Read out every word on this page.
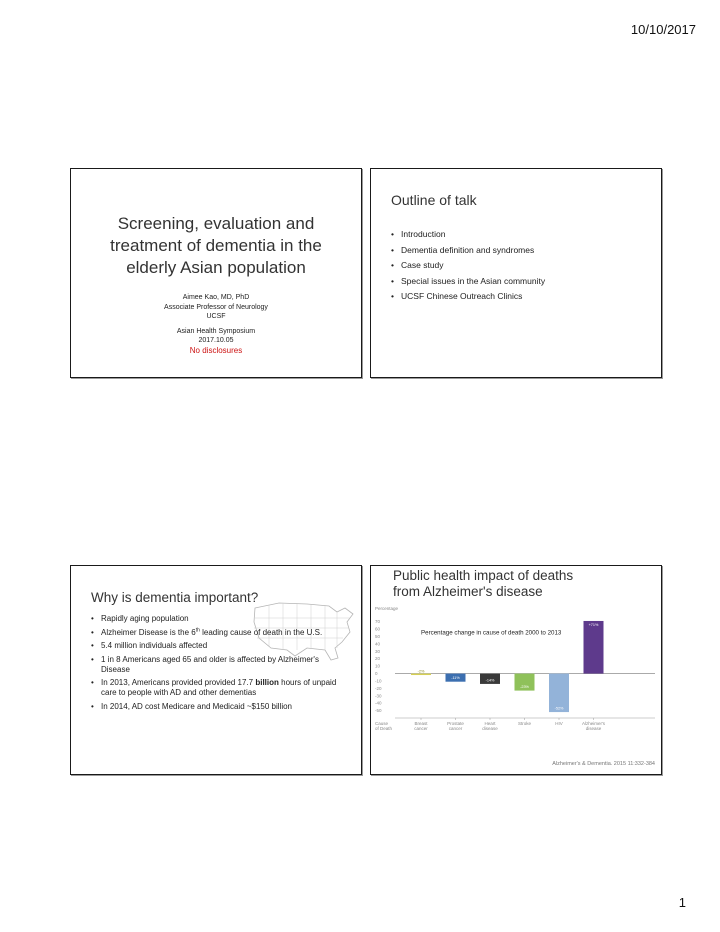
10/10/2017
Screening, evaluation and
treatment of dementia in the
elderly Asian population
Aimee Kao, MD, PhD
Associate Professor of Neurology
UCSF
Asian Health Symposium
2017.10.05
No disclosures
Outline of talk
• Introduction
• Dementia definition and syndromes
• Case study
• Special issues in the Asian community
• UCSF Chinese Outreach Clinics
Why is dementia important?
• Rapidly aging population
• Alzheimer Disease is the 6th leading cause of death in the U.S.
• 5.4 million individuals affected
• 1 in 8 Americans aged 65 and older is affected by Alzheimer's Disease
• In 2013, Americans provided provided 17.7 billion hours of unpaid care to people with AD and other dementias
• In 2014, AD cost Medicare and Medicaid ~$150 billion
Public health impact of deaths
from Alzheimer's disease
Percentage
70
60
50
40
30
20
10
0
-10
-20
-30
-40
-50
Percentage change in cause of death 2000 to 2013
-2%
Breast
cancer
-11%
Prostate
cancer
-14%
Heart
disease
-23%
Stroke
-52%
HIV
+71%
Alzheimer's
disease
Cause
of Death
Alzheimer's & Dementia. 2015 11:332-384
1
